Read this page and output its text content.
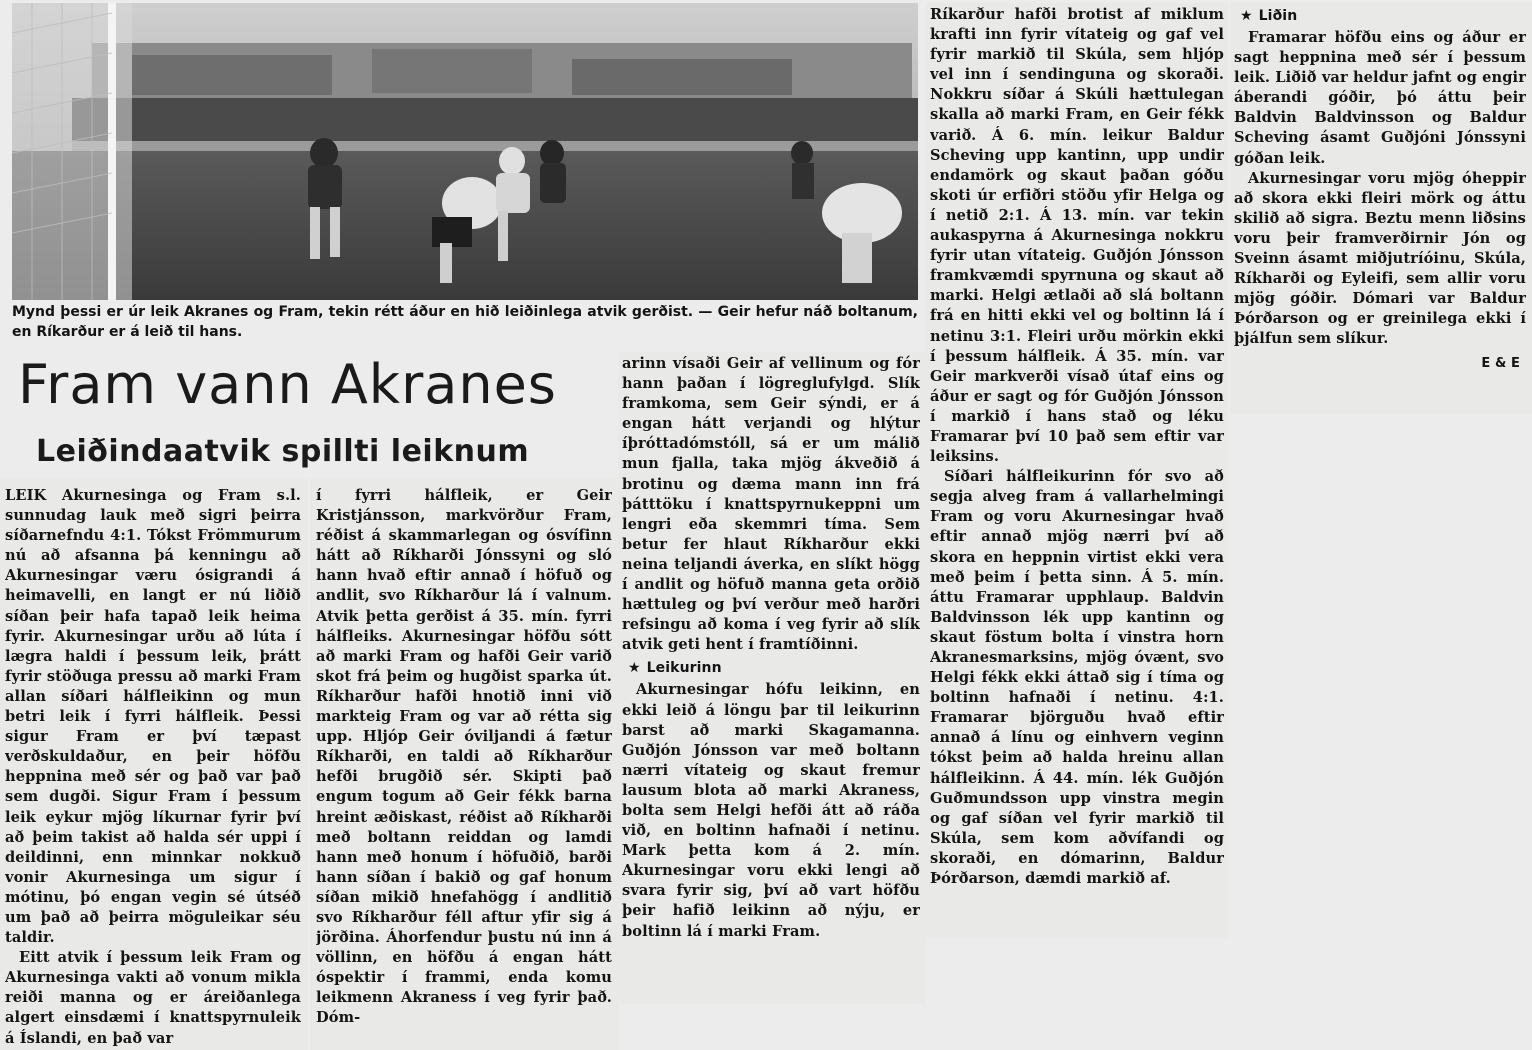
Mynd þessi er úr leik Akranes og Fram, tekin rétt áður en hið leiðinlega atvik gerðist. — Geir hefur náð boltanum, en Ríkarður er á leið til hans.
Fram vann Akranes
Leiðindaatvik spillti leiknum

LEIK Akurnesinga og Fram s.l. sunnudag lauk með sigri þeirra síðarnefndu 4:1. Tókst Frömmurum nú að afsanna þá kenningu að Akurnesingar væru ósigrandi á heimavelli, en langt er nú liðið síðan þeir hafa tapað leik heima fyrir. Akurnesingar urðu að lúta í lægra haldi í þessum leik, þrátt fyrir stöðuga pressu að marki Fram allan síðari hálfleikinn og mun betri leik í fyrri hálfleik. Þessi sigur Fram er því tæpast verðskuldaður, en þeir höfðu heppnina með sér og það var það sem dugði. Sigur Fram í þessum leik eykur mjög líkurnar fyrir því að þeim takist að halda sér uppi í deildinni, enn minnkar nokkuð vonir Akurnesinga um sigur í mótinu, þó engan vegin sé útséð um það að þeirra möguleikar séu taldir.

Eitt atvik í þessum leik Fram og Akurnesinga vakti að vonum mikla reiði manna og er áreiðanlega algert einsdæmi í knattspyrnuleik á Íslandi, en það var

í fyrri hálfleik, er Geir Kristjánsson, markvörður Fram, réðist á skammarlegan og ósvífinn hátt að Ríkharði Jónssyni og sló hann hvað eftir annað í höfuð og andlit, svo Ríkharður lá í valnum. Atvik þetta gerðist á 35. mín. fyrri hálfleiks. Akurnesingar höfðu sótt að marki Fram og hafði Geir varið skot frá þeim og hugðist sparka út. Ríkharður hafði hnotið inni við markteig Fram og var að rétta sig upp. Hljóp Geir óviljandi á fætur Ríkharði, en taldi að Ríkharður hefði brugðið sér. Skipti það engum togum að Geir fékk barna hreint æðiskast, réðist að Ríkharði með boltann reiddan og lamdi hann með honum í höfuðið, barði hann síðan í bakið og gaf honum síðan mikið hnefahögg í andlitið svo Ríkharður féll aftur yfir sig á jörðina. Áhorfendur þustu nú inn á völlinn, en höfðu á engan hátt óspektir í frammi, enda komu leikmenn Akraness í veg fyrir það. Dóm-

arinn vísaði Geir af vellinum og fór hann þaðan í lögreglufylgd. Slík framkoma, sem Geir sýndi, er á engan hátt verjandi og hlýtur íþróttadómstóll, sá er um málið mun fjalla, taka mjög ákveðið á brotinu og dæma mann inn frá þátttöku í knattspyrnukeppni um lengri eða skemmri tíma. Sem betur fer hlaut Ríkharður ekki neina teljandi áverka, en slíkt högg í andlit og höfuð manna geta orðið hættuleg og því verður með harðri refsingu að koma í veg fyrir að slík atvik geti hent í framtíðinni.

★ Leikurinn

Akurnesingar hófu leikinn, en ekki leið á löngu þar til leikurinn barst að marki Skagamanna. Guðjón Jónsson var með boltann nærri vítateig og skaut fremur lausum blota að marki Akraness, bolta sem Helgi hefði átt að ráða við, en boltinn hafnaði í netinu. Mark þetta kom á 2. mín. Akurnesingar voru ekki lengi að svara fyrir sig, því að vart höfðu þeir hafið leikinn að nýju, er boltinn lá í marki Fram.

Ríkarður hafði brotist af miklum krafti inn fyrir vítateig og gaf vel fyrir markið til Skúla, sem hljóp vel inn í sendinguna og skoraði. Nokkru síðar á Skúli hættulegan skalla að marki Fram, en Geir fékk varið. Á 6. mín. leikur Baldur Scheving upp kantinn, upp undir endamörk og skaut þaðan góðu skoti úr erfiðri stöðu yfir Helga og í netið 2:1. Á 13. mín. var tekin aukaspyrna á Akurnesinga nokkru fyrir utan vítateig. Guðjón Jónsson framkvæmdi spyrnuna og skaut að marki. Helgi ætlaði að slá boltann frá en hitti ekki vel og boltinn lá í netinu 3:1. Fleiri urðu mörkin ekki í þessum hálfleik. Á 35. mín. var Geir markverði vísað útaf eins og áður er sagt og fór Guðjón Jónsson í markið í hans stað og léku Framarar því 10 það sem eftir var leiksins.

Síðari hálfleikurinn fór svo að segja alveg fram á vallarhelmingi Fram og voru Akurnesingar hvað eftir annað mjög nærri því að skora en heppnin virtist ekki vera með þeim í þetta sinn. Á 5. mín. áttu Framarar upphlaup. Baldvin Baldvinsson lék upp kantinn og skaut föstum bolta í vinstra horn Akranesmarksins, mjög óvænt, svo Helgi fékk ekki áttað sig í tíma og boltinn hafnaði í netinu. 4:1. Framarar björguðu hvað eftir annað á línu og einhvern veginn tókst þeim að halda hreinu allan hálfleikinn. Á 44. mín. lék Guðjón Guðmundsson upp vinstra megin og gaf síðan vel fyrir markið til Skúla, sem kom aðvífandi og skoraði, en dómarinn, Baldur Þórðarson, dæmdi markið af.

★ Liðin

Framarar höfðu eins og áður er sagt heppnina með sér í þessum leik. Liðið var heldur jafnt og engir áberandi góðir, þó áttu þeir Baldvin Baldvinsson og Baldur Scheving ásamt Guðjóni Jónssyni góðan leik.

Akurnesingar voru mjög óheppir að skora ekki fleiri mörk og áttu skilið að sigra. Beztu menn liðsins voru þeir framverðirnir Jón og Sveinn ásamt miðjutríóinu, Skúla, Ríkharði og Eyleifi, sem allir voru mjög góðir. Dómari var Baldur Þórðarson og er greinilega ekki í þjálfun sem slíkur.

E & E
